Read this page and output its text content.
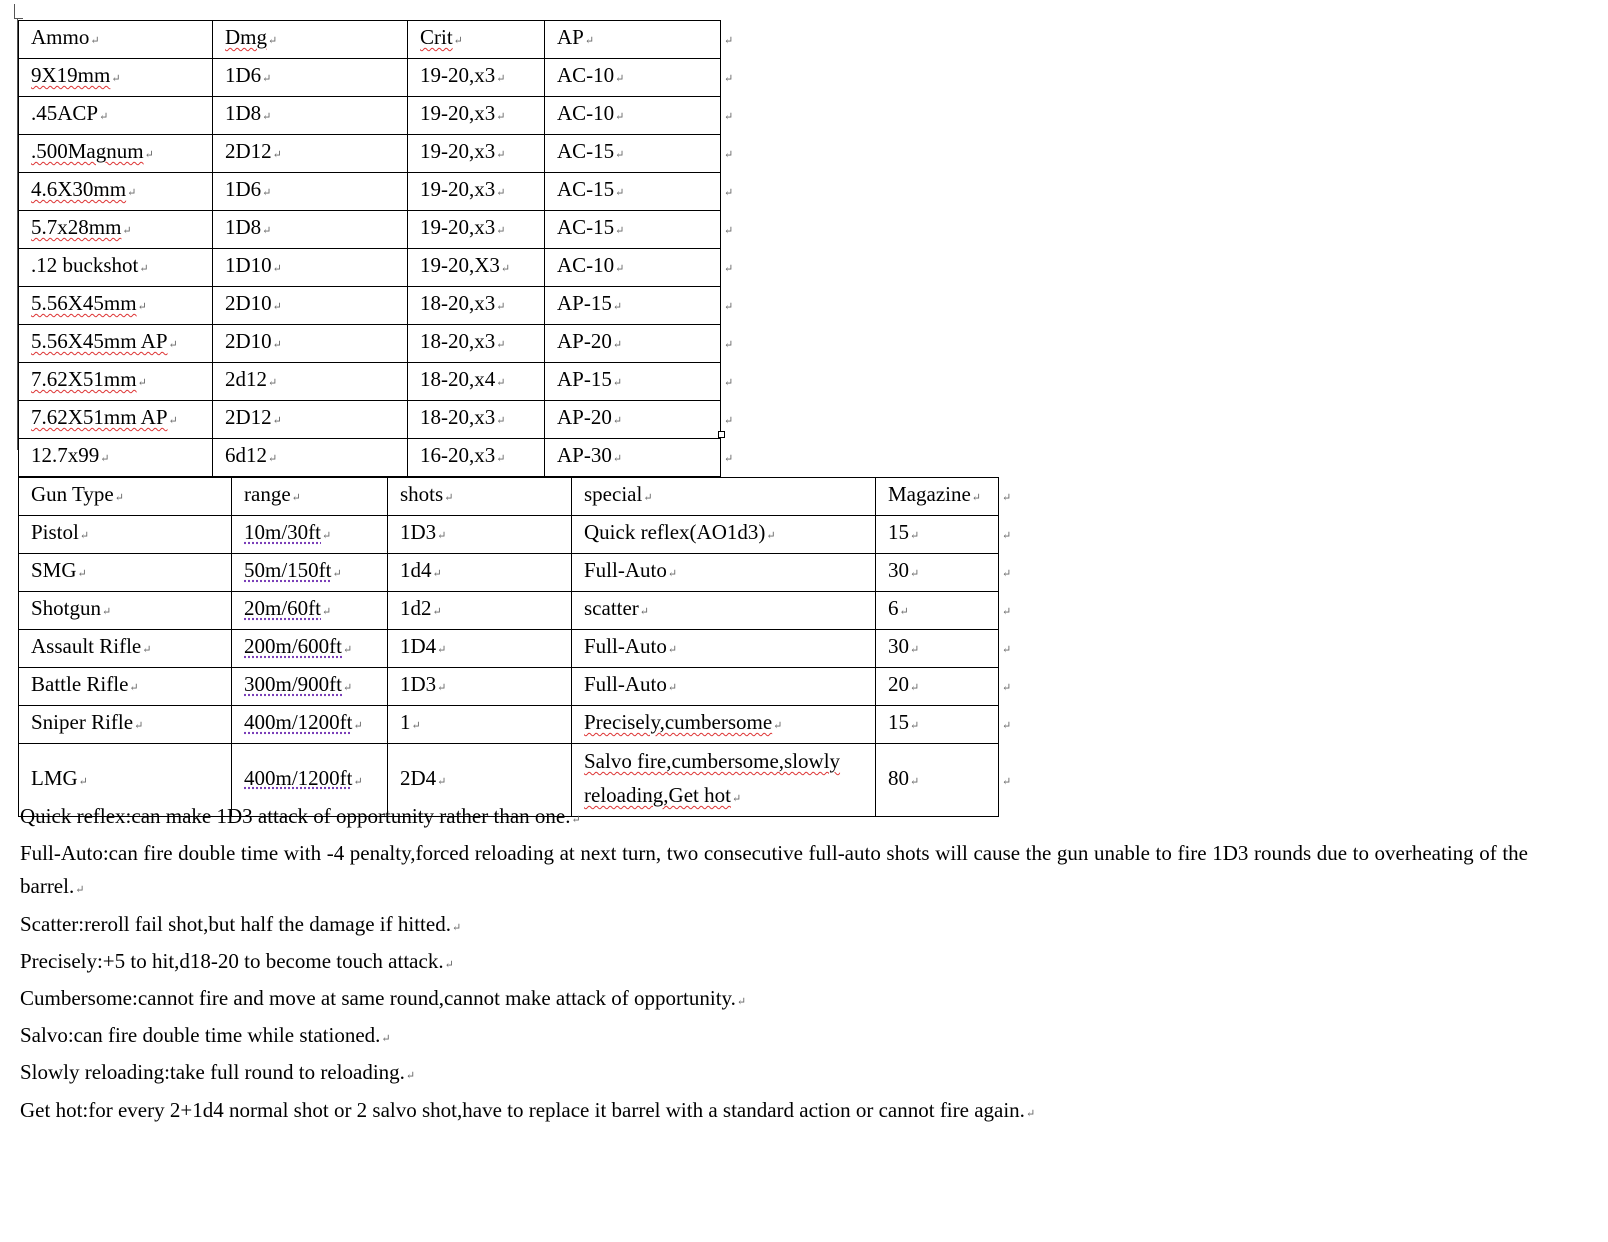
Ammo↵	Dmg↵	Crit↵	AP↵	↵
9X19mm↵	1D6↵	19-20,x3↵	AC-10↵	↵
.45ACP↵	1D8↵	19-20,x3↵	AC-10↵	↵
.500Magnum↵	2D12↵	19-20,x3↵	AC-15↵	↵
4.6X30mm↵	1D6↵	19-20,x3↵	AC-15↵	↵
5.7x28mm↵	1D8↵	19-20,x3↵	AC-15↵	↵
.12 buckshot↵	1D10↵	19-20,X3↵	AC-10↵	↵
5.56X45mm↵	2D10↵	18-20,x3↵	AP-15↵	↵
5.56X45mm AP↵	2D10↵	18-20,x3↵	AP-20↵	↵
7.62X51mm↵	2d12↵	18-20,x4↵	AP-15↵	↵
7.62X51mm AP↵	2D12↵	18-20,x3↵	AP-20↵	↵
12.7x99↵	6d12↵	16-20,x3↵	AP-30↵	↵
Gun Type↵	range↵	shots↵	special↵	Magazine↵	↵
Pistol↵	10m/30ft↵	1D3↵	Quick reflex(AO1d3)↵	15↵	↵
SMG↵	50m/150ft↵	1d4↵	Full-Auto↵	30↵	↵
Shotgun↵	20m/60ft↵	1d2↵	scatter↵	6↵	↵
Assault Rifle↵	200m/600ft↵	1D4↵	Full-Auto↵	30↵	↵
Battle Rifle↵	300m/900ft↵	1D3↵	Full-Auto↵	20↵	↵
Sniper Rifle↵	400m/1200ft↵	1↵	Precisely,cumbersome↵	15↵	↵
LMG↵	400m/1200ft↵	2D4↵	Salvo fire,cumbersome,slowly reloading,Get hot↵	80↵	↵

Quick reflex:can make 1D3 attack of opportunity rather than one.↵

Full-Auto:can fire double time with -4 penalty,forced reloading at next turn, two consecutive full-auto shots will cause the gun unable to fire 1D3 rounds due to overheating of the barrel.↵

Scatter:reroll fail shot,but half the damage if hitted.↵

Precisely:+5 to hit,d18-20 to become touch attack.↵

Cumbersome:cannot fire and move at same round,cannot make attack of opportunity.↵

Salvo:can fire double time while stationed.↵

Slowly reloading:take full round to reloading.↵

Get hot:for every 2+1d4 normal shot or 2 salvo shot,have to replace it barrel with a standard action or cannot fire again.↵
